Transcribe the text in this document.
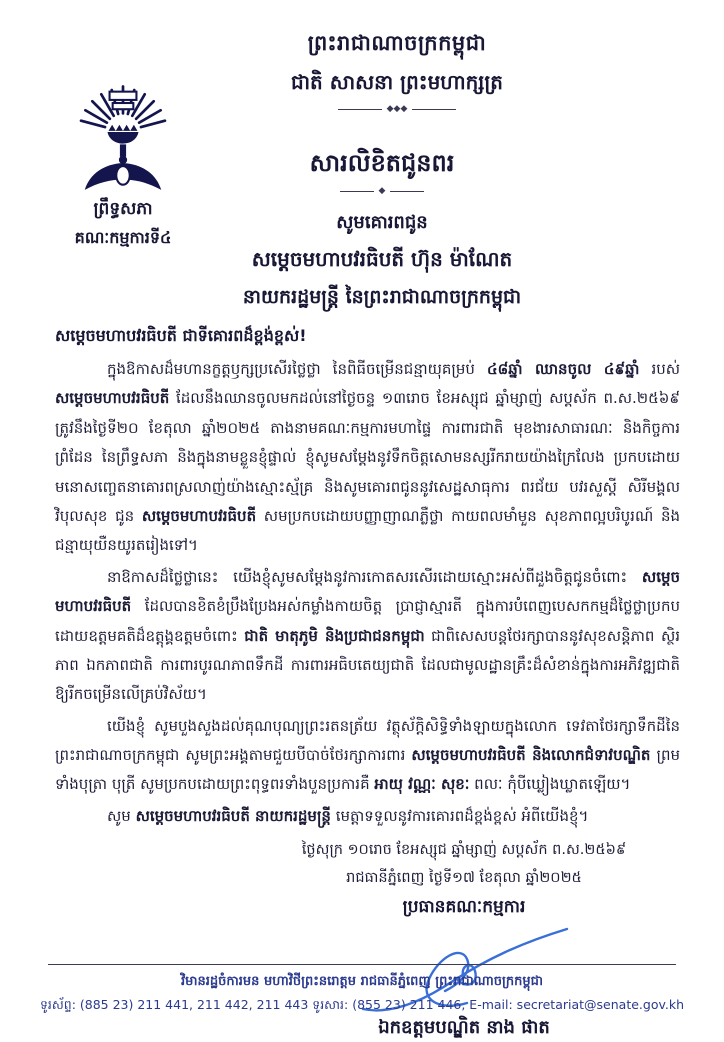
ព្រឹទ្ធសភា
គណៈកម្មការទី៤
ព្រះរាជាណាចក្រកម្ពុជា
ជាតិ សាសនា ព្រះមហាក្សត្រ
◆◆◆
សារលិខិតជូនពរ
◆
សូមគោរពជូន
សម្ដេចមហាបវរធិបតី ហ៊ុន ម៉ាណែត
នាយករដ្ឋមន្ត្រី នៃព្រះរាជាណាចក្រកម្ពុជា
សម្ដេចមហាបវរធិបតី ជាទីគោរពដ៏ខ្ពង់ខ្ពស់!

ក្នុងឱកាសដ៏មហានក្ខត្តឫក្សប្រសើរថ្លៃថ្លា នៃពិធីចម្រើនជន្មាយុគម្រប់ ៤៨ឆ្នាំ ឈានចូល ៤៩ឆ្នាំ របស់ សម្ដេចមហាបវរធិបតី ដែលនឹងឈានចូលមកដល់នៅថ្ងៃចន្ទ ១៣រោច ខែអស្សុជ ឆ្នាំម្សាញ់ សប្តស័ក ព.ស.២៥៦៩ ត្រូវនឹងថ្ងៃទី២០ ខែតុលា ឆ្នាំ២០២៥ តាងនាមគណៈកម្មការមហាផ្ទៃ ការពារជាតិ មុខងារសាធារណៈ និងកិច្ចការព្រំដែន នៃព្រឹទ្ធសភា និងក្នុងនាមខ្លួនខ្ញុំផ្ទាល់ ខ្ញុំសូមសម្ដែងនូវទឹកចិត្តសោមនស្សរីករាយយ៉ាងក្រៃលែង ប្រកបដោយមនោសញ្ចេតនាគោរពស្រលាញ់យ៉ាងស្មោះស្ម័គ្រ និងសូមគោរពជូននូវសេដ្ឋសាធុការ ពរជ័យ បវរសួស្ដី សិរីមង្គល វិបុលសុខ ជូន សម្ដេចមហាបវរធិបតី សមប្រកបដោយបញ្ញាញាណភ្លឺថ្លា កាយពលមាំមួន សុខភាពល្អបរិបូរណ៍ និងជន្មាយុយឺនយូរតរៀងទៅ។

នាឱកាសដ៏ថ្លៃថ្លានេះ យើងខ្ញុំសូមសម្ដែងនូវការកោតសរសើរដោយស្មោះអស់ពីដួងចិត្តជូនចំពោះ សម្ដេចមហាបវរធិបតី ដែលបានខិតខំប្រឹងប្រែងអស់កម្លាំងកាយចិត្ត ប្រាជ្ញាស្មារតី ក្នុងការបំពេញបេសកកម្មដ៏ថ្លៃថ្លាប្រកបដោយឧត្តមគតិដ៏ឧត្តុង្គឧត្តមចំពោះ ជាតិ មាតុភូមិ និងប្រជាជនកម្ពុជា ជាពិសេសបន្តថែរក្សាបាននូវសុខសន្តិភាព ស្ថិរភាព ឯកភាពជាតិ ការពារបូរណភាពទឹកដី ការពារអធិបតេយ្យជាតិ ដែលជាមូលដ្ឋានគ្រឹះដ៏សំខាន់ក្នុងការអភិវឌ្ឍជាតិ ឱ្យរីកចម្រើនលើគ្រប់វិស័យ។

យើងខ្ញុំ សូមបួងសួងដល់គុណបុណ្យព្រះរតនត្រ័យ វត្ថុស័ក្ដិសិទ្ធិទាំងឡាយក្នុងលោក ទេវតាថែរក្សាទឹកដីនៃព្រះរាជាណាចក្រកម្ពុជា សូមព្រះអង្គតាមជួយបីបាច់ថែរក្សាការពារ សម្ដេចមហាបវរធិបតី និងលោកជំទាវបណ្ឌិត ព្រមទាំងបុត្រា បុត្រី សូមប្រកបដោយព្រះពុទ្ធពរទាំងបួនប្រការគឺ អាយុ វណ្ណៈ សុខៈ ពលៈ កុំបីឃ្លៀងឃ្លាតឡើយ។

សូម សម្ដេចមហាបវរធិបតី នាយករដ្ឋមន្ត្រី មេត្តាទទួលនូវការគោរពដ៏ខ្ពង់ខ្ពស់ អំពីយើងខ្ញុំ។

ថ្ងៃសុក្រ ១០រោច ខែអស្សុជ ឆ្នាំម្សាញ់ សប្តស័ក ព.ស.២៥៦៩
រាជធានីភ្នំពេញ ថ្ងៃទី១៧ ខែតុលា ឆ្នាំ២០២៥
ប្រធានគណៈកម្មការ
ឯកឧត្តមបណ្ឌិត នាង ផាត
វិមានរដ្ឋចំការមន មហាវិថីព្រះនរោត្តម រាជធានីភ្នំពេញ ព្រះរាជាណាចក្រកម្ពុជា
ទូរស័ព្ទ: (885 23) 211 441, 211 442, 211 443 ទូរសារ: (855 23) 211 446, E-mail: secretariat@senate.gov.kh
